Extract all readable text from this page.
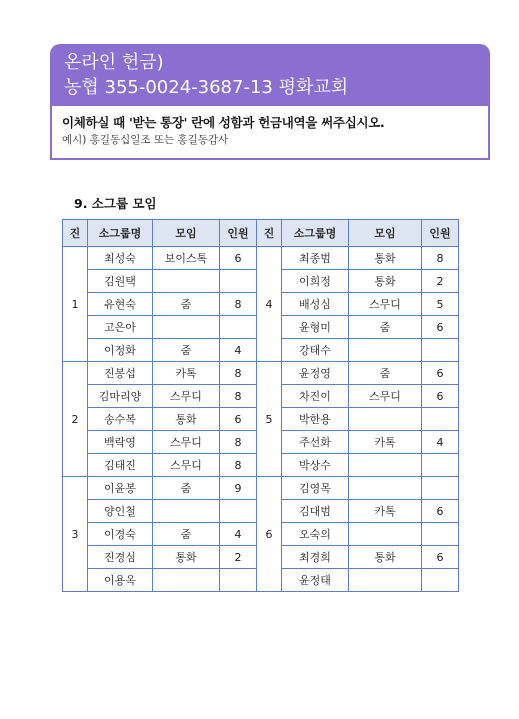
온라인 헌금)
농협 355-0024-3687-13 평화교회
이체하실 때 '받는 통장' 란에 성함과 헌금내역을 써주십시오.
예시) 홍길동십일조 또는 홍길동감사
9. 소그룹 모임
진	소그룹명	모임	인원	진	소그룹명	모임	인원
1	최성숙	보이스톡	6	4	최종범	통화	8
	김원택				이희정	통화	2
	유현숙	줌	8		배성심	스무디	5
	고은아				윤형미	줌	6
	이정화	줌	4		강태수		
2	진봉섭	카톡	8	5	윤정영	줌	6
	김마리양	스무디	8		차진이	스무디	6
	송수복	통화	6		박한용		
	백락영	스무디	8		주선화	카톡	4
	김태진	스무디	8		박상수		
3	이윤봉	줌	9	6	김영목		
	양인철				김대범	카톡	6
	이경숙	줌	4		오숙의		
	진경심	통화	2		최경희	통화	6
	이용옥				윤정태		
